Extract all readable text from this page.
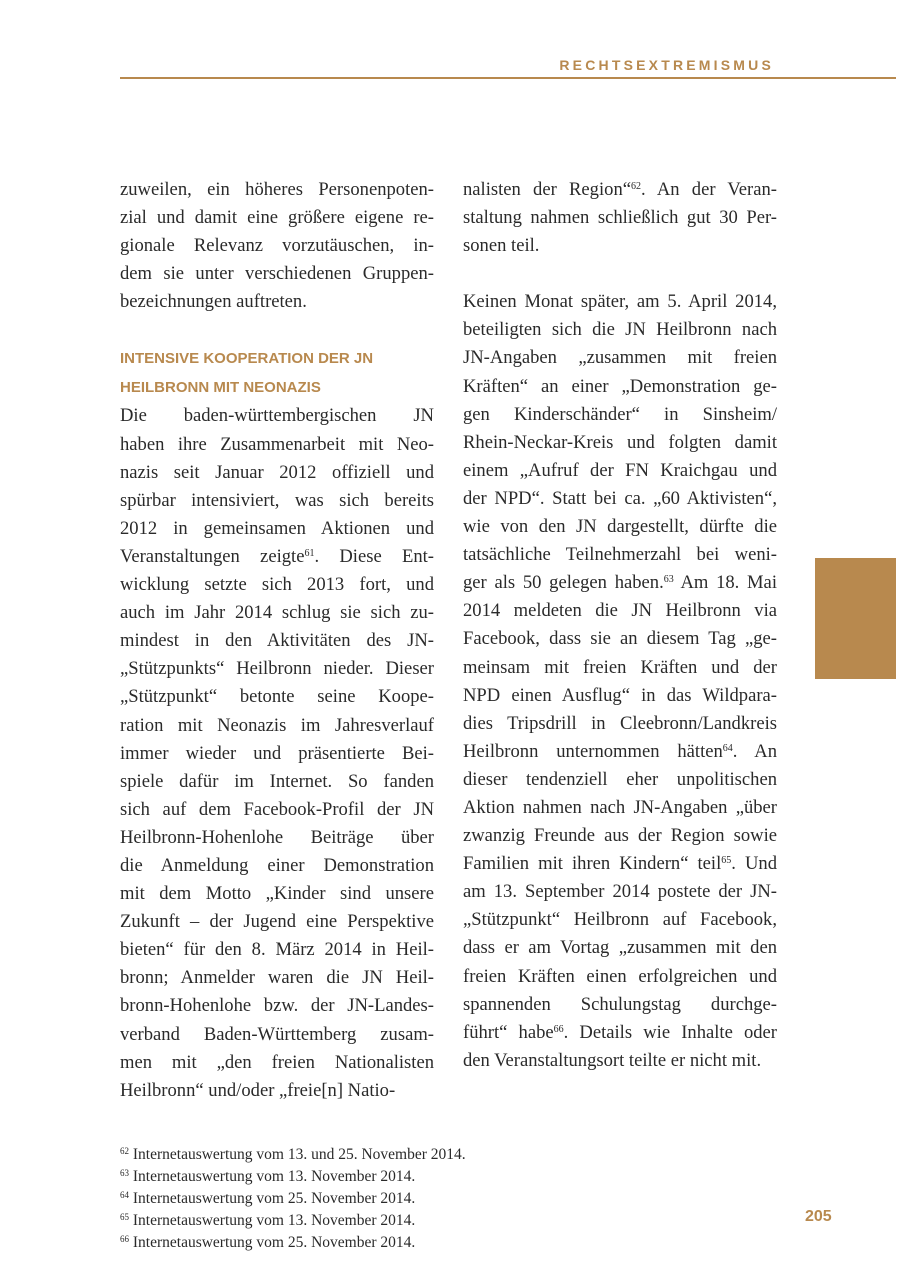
RECHTSEXTREMISMUS
zuweilen, ein höheres Personenpoten-
zial und damit eine größere eigene re-
gionale Relevanz vorzutäuschen, in-
dem sie unter verschiedenen Gruppen-
bezeichnungen auftreten.
INTENSIVE KOOPERATION DER JN
HEILBRONN MIT NEONAZIS
Die baden-württembergischen JN
haben ihre Zusammenarbeit mit Neo-
nazis seit Januar 2012 offiziell und
spürbar intensiviert, was sich bereits
2012 in gemeinsamen Aktionen und
Veranstaltungen zeigte$^{61}$. Diese Ent-
wicklung setzte sich 2013 fort, und
auch im Jahr 2014 schlug sie sich zu-
mindest in den Aktivitäten des JN-
„Stützpunkts“ Heilbronn nieder. Dieser
„Stützpunkt“ betonte seine Koope-
ration mit Neonazis im Jahresverlauf
immer wieder und präsentierte Bei-
spiele dafür im Internet. So fanden
sich auf dem Facebook-Profil der JN
Heilbronn-Hohenlohe Beiträge über
die Anmeldung einer Demonstration
mit dem Motto „Kinder sind unsere
Zukunft – der Jugend eine Perspektive
bieten“ für den 8. März 2014 in Heil-
bronn; Anmelder waren die JN Heil-
bronn-Hohenlohe bzw. der JN-Landes-
verband Baden-Württemberg zusam-
men mit „den freien Nationalisten
Heilbronn“ und/oder „freie[n] Natio-
nalisten der Region“$^{62}$. An der Veran-
staltung nahmen schließlich gut 30 Per-
sonen teil.
Keinen Monat später, am 5. April 2014,
beteiligten sich die JN Heilbronn nach
JN-Angaben „zusammen mit freien
Kräften“ an einer „Demonstration ge-
gen Kinderschänder“ in Sinsheim/
Rhein-Neckar-Kreis und folgten damit
einem „Aufruf der FN Kraichgau und
der NPD“. Statt bei ca. „60 Aktivisten“,
wie von den JN dargestellt, dürfte die
tatsächliche Teilnehmerzahl bei weni-
ger als 50 gelegen haben.$^{63}$ Am 18. Mai
2014 meldeten die JN Heilbronn via
Facebook, dass sie an diesem Tag „ge-
meinsam mit freien Kräften und der
NPD einen Ausflug“ in das Wildpara-
dies Tripsdrill in Cleebronn/Landkreis
Heilbronn unternommen hätten$^{64}$. An
dieser tendenziell eher unpolitischen
Aktion nahmen nach JN-Angaben „über
zwanzig Freunde aus der Region sowie
Familien mit ihren Kindern“ teil$^{65}$. Und
am 13. September 2014 postete der JN-
„Stützpunkt“ Heilbronn auf Facebook,
dass er am Vortag „zusammen mit den
freien Kräften einen erfolgreichen und
spannenden Schulungstag durchge-
führt“ habe$^{66}$. Details wie Inhalte oder
den Veranstaltungsort teilte er nicht mit.
$^{62}$ Internetauswertung vom 13. und 25. November 2014.
$^{63}$ Internetauswertung vom 13. November 2014.
$^{64}$ Internetauswertung vom 25. November 2014.
$^{65}$ Internetauswertung vom 13. November 2014.
$^{66}$ Internetauswertung vom 25. November 2014.
205
